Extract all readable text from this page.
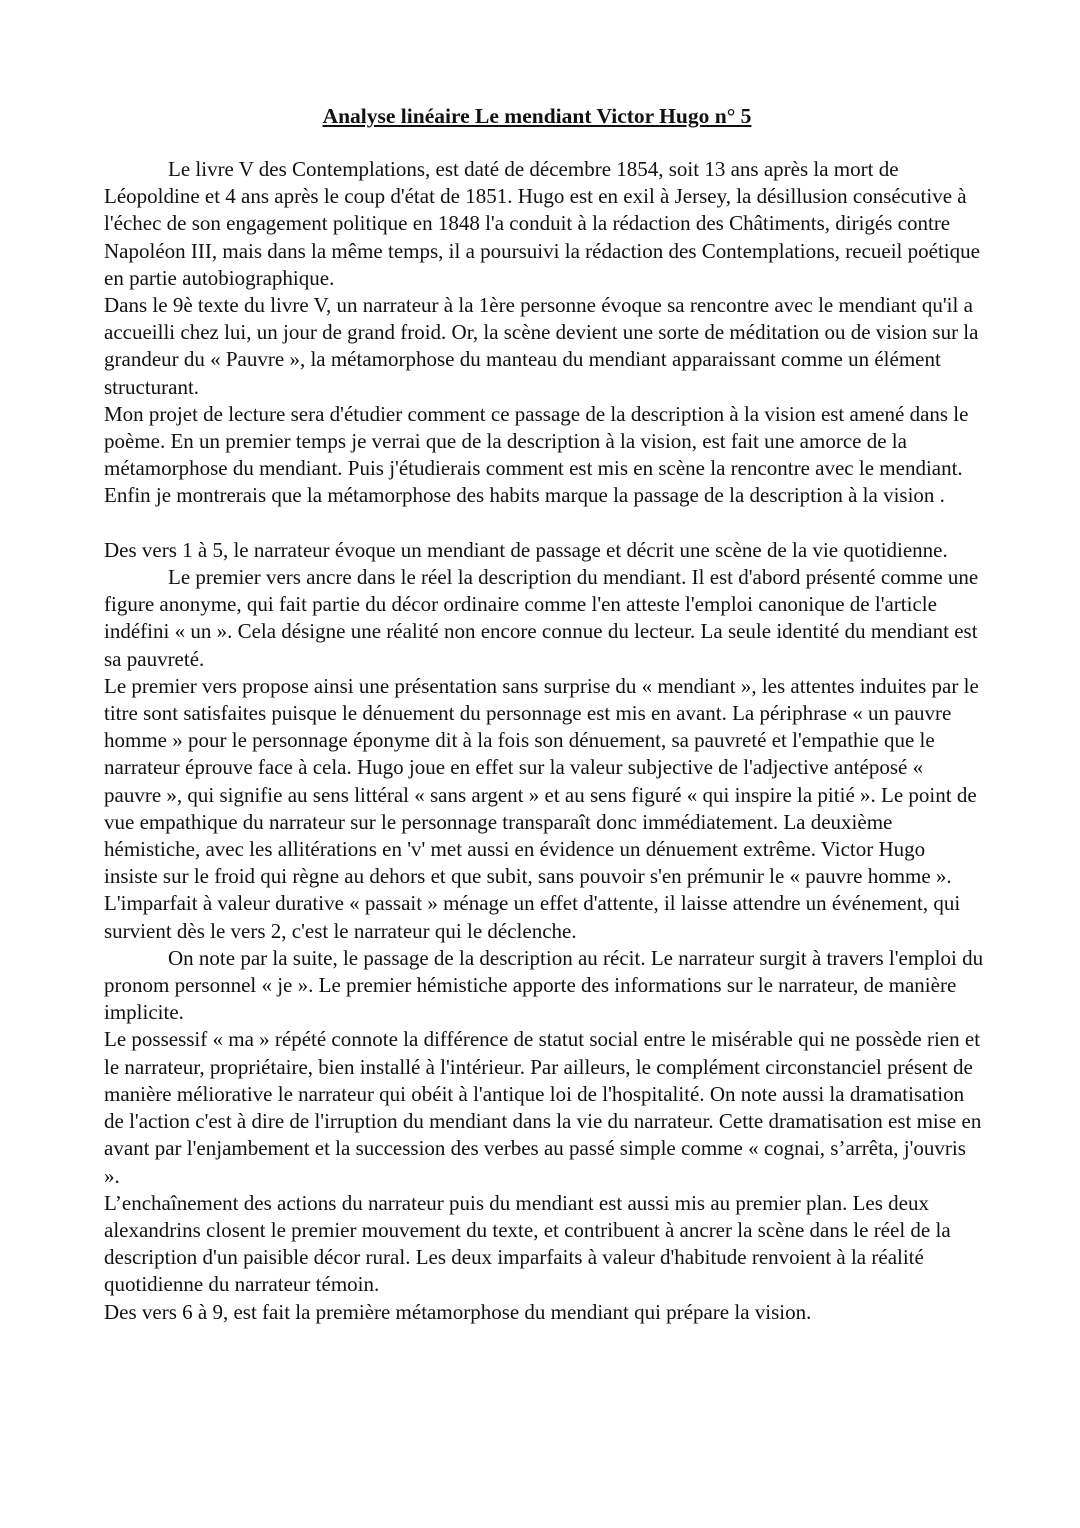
Analyse linéaire Le mendiant Victor Hugo n° 5

Le livre V des Contemplations, est daté de décembre 1854, soit 13 ans après la mort de Léopoldine et 4 ans après le coup d'état de 1851. Hugo est en exil à Jersey, la désillusion consécutive à l'échec de son engagement politique en 1848 l'a conduit à la rédaction des Châtiments, dirigés contre Napoléon III, mais dans la même temps, il a poursuivi la rédaction des Contemplations, recueil poétique en partie autobiographique.

Dans le 9è texte du livre V, un narrateur à la 1ère personne évoque sa rencontre avec le mendiant qu'il a accueilli chez lui, un jour de grand froid. Or, la scène devient une sorte de méditation ou de vision sur la grandeur du « Pauvre », la métamorphose du manteau du mendiant apparaissant comme un élément structurant.

Mon projet de lecture sera d'étudier comment ce passage de la description à la vision est amené dans le poème. En un premier temps je verrai que de la description à la vision, est fait une amorce de la métamorphose du mendiant. Puis j'étudierais comment est mis en scène la rencontre avec le mendiant. Enfin je montrerais que la métamorphose des habits marque la passage de la description à la vision .

Des vers 1 à 5, le narrateur évoque un mendiant de passage et décrit une scène de la vie quotidienne.

Le premier vers ancre dans le réel la description du mendiant. Il est d'abord présenté comme une figure anonyme, qui fait partie du décor ordinaire comme l'en atteste l'emploi canonique de l'article indéfini « un ». Cela désigne une réalité non encore connue du lecteur. La seule identité du mendiant est sa pauvreté.

Le premier vers propose ainsi une présentation sans surprise du « mendiant », les attentes induites par le titre sont satisfaites puisque le dénuement du personnage est mis en avant. La périphrase « un pauvre homme » pour le personnage éponyme dit à la fois son dénuement, sa pauvreté et l'empathie que le narrateur éprouve face à cela. Hugo joue en effet sur la valeur subjective de l'adjective antéposé « pauvre », qui signifie au sens littéral « sans argent » et au sens figuré « qui inspire la pitié ». Le point de vue empathique du narrateur sur le personnage transparaît donc immédiatement. La deuxième hémistiche, avec les allitérations en 'v' met aussi en évidence un dénuement extrême. Victor Hugo insiste sur le froid qui règne au dehors et que subit, sans pouvoir s'en prémunir le « pauvre homme ». L'imparfait à valeur durative « passait » ménage un effet d'attente, il laisse attendre un événement, qui survient dès le vers 2, c'est le narrateur qui le déclenche.

On note par la suite, le passage de la description au récit. Le narrateur surgit à travers l'emploi du pronom personnel « je ». Le premier hémistiche apporte des informations sur le narrateur, de manière implicite.

Le possessif « ma » répété connote la différence de statut social entre le misérable qui ne possède rien et le narrateur, propriétaire, bien installé à l'intérieur. Par ailleurs, le complément circonstanciel présent de manière méliorative le narrateur qui obéit à l'antique loi de l'hospitalité. On note aussi la dramatisation de l'action c'est à dire de l'irruption du mendiant dans la vie du narrateur. Cette dramatisation est mise en avant par l'enjambement et la succession des verbes au passé simple comme « cognai, s’arrêta, j'ouvris ».

L’enchaînement des actions du narrateur puis du mendiant est aussi mis au premier plan. Les deux alexandrins closent le premier mouvement du texte, et contribuent à ancrer la scène dans le réel de la description d'un paisible décor rural. Les deux imparfaits à valeur d'habitude renvoient à la réalité quotidienne du narrateur témoin.

Des vers 6 à 9, est fait la première métamorphose du mendiant qui prépare la vision.
